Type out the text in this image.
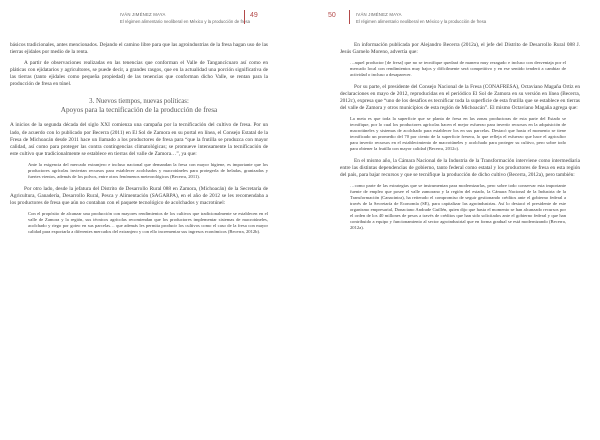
IVÁN JIMÉNEZ MAYA
El régimen alimentario neoliberal en México y la producción de fresa
49

básicos tradicionales, antes mencionados. Dejando el camino libre para que las agroindustrias de la fresa hagan uso de las tierras ejidales por medio de la renta.

A partir de observaciones realizadas en las tenencias que conforman el Valle de Tangancícuaro así como en pláticas con ejidatarios y agricultores, se puede decir, a grandes rasgos, que en la actualidad una porción significativa de las tierras (tanto ejidales como pequeña propiedad) de las tenencias que conforman dicho Valle, se rentan para la producción de fresa en túnel.

3. Nuevos tiempos, nuevas políticas:
Apoyos para la tecnificación de la producción de fresa

A inicios de la segunda década del siglo XXI comienza una campaña por la tecnificación del cultivo de fresa. Por un lado, de acuerdo con lo publicado por Becerra (2011) en El Sol de Zamora en su portal en línea, el Consejo Estatal de la Fresa de Michoacán desde 2011 hace un llamado a los productores de fresa para “que la frutilla se produzca con mayor calidad, así como para proteger las contra contingencias climatológicas; se promueve intensamente la tecnificación de este cultivo que tradicionalmente se establece en tierras del valle de Zamora…”, ya que:

Ante la exigencia del mercado extranjero e incluso nacional que demandan la fresa con mayor higiene, es importante que los productores agrícolas inviertan recursos para establecer acolchados y macrotúneles para protegerla de heladas, granizadas y fuertes vientos, además de los polvos, entre otros fenómenos meteorológicos (Becerra, 2011).

Por otro lado, desde la jefatura del Distrito de Desarrollo Rural 088 en Zamora, (Michoacán) de la Secretaría de Agricultura, Ganadería, Desarrollo Rural, Pesca y Alimentación (SAGARPA), en el año de 2012 se les recomendaba a los productores de fresa que aún no contaban con el paquete tecnológico de acolchados y macrotúnel:

Con el propósito de alcanzar una producción con mayores rendimientos de los cultivos que tradicionalmente se establecen en el valle de Zamora y la región, sus técnicos agrícolas recomiendan que los productores implementar sistemas de macrotúneles, acolchado y riego por goteo en sus parcelas… que además les permita producir los cultivos como el caso de la fresa con mayor calidad para exportarla a diferentes mercados del extranjero y con ello incrementar sus ingresos económicos (Becerra, 2012b).
50	IVÁN JIMÉNEZ MAYA
El régimen alimentario neoliberal en México y la producción de fresa

En información publicada por Alejandro Becerra (2012a), el jefe del Distrito de Desarrollo Rural 088 J. Jesús Garnelo Moreno, advertía que:

…aquel productor [de fresa] que no se tecnifique quedará de manera muy rezagado e incluso con desventaja por el mercado local con rendimientos muy bajos y difícilmente será competitivo y en ese sentido tenderá a cambiar de actividad o incluso a desaparecer.

Por su parte, el presidente del Consejo Nacional de la Fresa (CONAFRESA), Octaviano Magaña Ortiz en declaraciones en mayo de 2012, reproducidas en el periódico El Sol de Zamora en su versión en línea (Becerra, 2012c), expresa que “uno de los desafíos es tecnificar toda la superficie de esta frutilla que se establece en tierras del valle de Zamora y otros municipios de esta región de Michoacán”. El mismo Octaviano Magaña agrega que:

La meta es que toda la superficie que se planta de fresa en las zonas productoras de esta parte del Estado se tecnifique, por lo cual los productores agrícolas hacen el mejor esfuerzo para invertir recursos en la adquisición de macrotúneles y sistemas de acolchado para establecer los en sus parcelas. Destacó que hasta el momento se tiene tecnificado un promedio del 70 por ciento de la superficie fresera, lo que refleja el esfuerzo que hace el agricultor para invertir recursos en el establecimiento de macrotúneles y acolchado para proteger su cultivo, pero sobre todo para obtener la frutilla con mayor calidad (Becerra, 2012c).

En el mismo año, la Cámara Nacional de la Industria de la Transformación interviene como intermediaria entre las distintas dependencias de gobierno, tanto federal como estatal y los productores de fresa en esta región del país, para bajar recursos y que se tecnifique la producción de dicho cultivo (Becerra, 2012a), pero también:

…como parte de las estrategias que se instrumentan para modernizarlas, pero sobre todo conservar esta importante fuente de empleo que posee el valle zamorano y la región del estado, la Cámara Nacional de la Industria de la Transformación (Canacintra), ha reiterado el compromiso de seguir gestionando créditos ante el gobierno federal a través de la Secretaría de Economía (SE), para capitalizar las agroindustrias. Así lo destacó el presidente de este organismo empresarial, Donaciano Andrade Guillén, quien dijo que hasta el momento se han alcanzado recursos por el orden de los 40 millones de pesos a través de créditos que han sido solicitados ante el gobierno federal y que han contribuido a equipo y funcionamiento al sector agroindustrial que en forma gradual se está modernizando (Becerra, 2012a).
